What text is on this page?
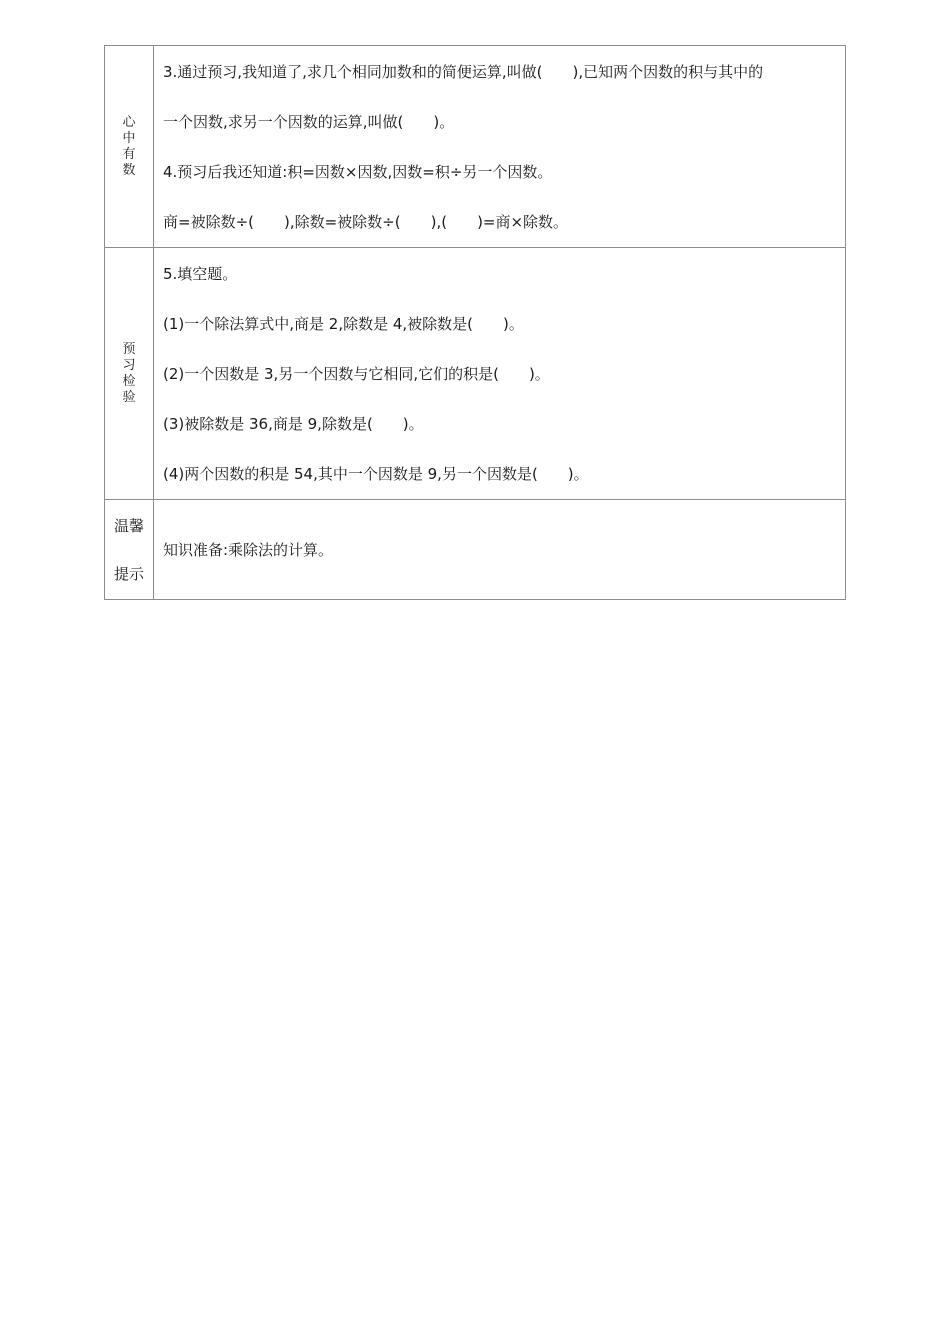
心中有数	3.通过预习,我知道了,求几个相同加数和的简便运算,叫做(　　),已知两个因数的积与其中的
一个因数,求另一个因数的运算,叫做(　　)。
4.预习后我还知道:积=因数×因数,因数=积÷另一个因数。
商=被除数÷(　　),除数=被除数÷(　　),(　　)=商×除数。

预习检验	5.填空题。
(1)一个除法算式中,商是 2,除数是 4,被除数是(　　)。
(2)一个因数是 3,另一个因数与它相同,它们的积是(　　)。
(3)被除数是 36,商是 9,除数是(　　)。
(4)两个因数的积是 54,其中一个因数是 9,另一个因数是(　　)。

温馨
提示	知识准备:乘除法的计算。
